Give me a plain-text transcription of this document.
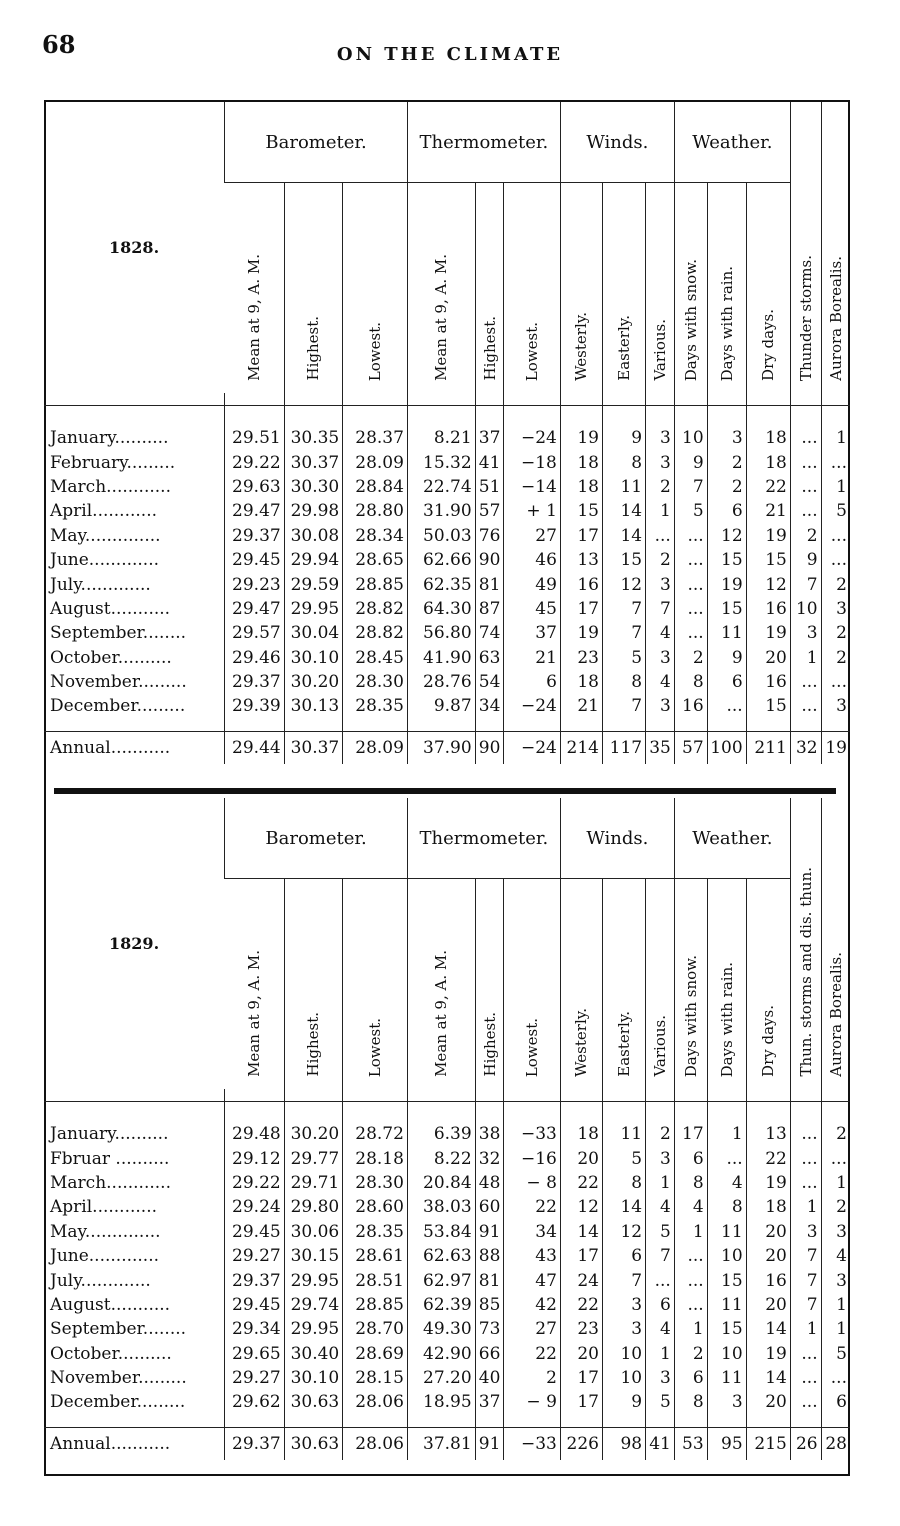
68	ON THE CLIMATE
1828.	Barometer.			Thermometer.			Winds.			Weather.			Thunder storms.	Aurora Borealis.

	Mean at 9, A. M.	Highest.	Lowest.	Mean at 9, A. M.	Highest.	Lowest.	Westerly.	Easterly.	Various.	Days with snow.	Days with rain.	Dry days.		

January..........	29.51	30.35	28.37	8.21	37	−24	19	9	3	10	3	18	...	1
February.........	29.22	30.37	28.09	15.32	41	−18	18	8	3	9	2	18	...	...
March............	29.63	30.30	28.84	22.74	51	−14	18	11	2	7	2	22	...	1
April............	29.47	29.98	28.80	31.90	57	+ 1	15	14	1	5	6	21	...	5
May..............	29.37	30.08	28.34	50.03	76	27	17	14	...	...	12	19	2	...
June.............	29.45	29.94	28.65	62.66	90	46	13	15	2	...	15	15	9	...
July.............	29.23	29.59	28.85	62.35	81	49	16	12	3	...	19	12	7	2
August...........	29.47	29.95	28.82	64.30	87	45	17	7	7	...	15	16	10	3
September........	29.57	30.04	28.82	56.80	74	37	19	7	4	...	11	19	3	2
October..........	29.46	30.10	28.45	41.90	63	21	23	5	3	2	9	20	1	2
November.........	29.37	30.20	28.30	28.76	54	6	18	8	4	8	6	16	...	...
December.........	29.39	30.13	28.35	9.87	34	−24	21	7	3	16	...	15	...	3

Annual...........	29.44	30.37	28.09	37.90	90	−24	214	117	35	57	100	211	32	19
1829.	Barometer.			Thermometer.			Winds.			Weather.			Thun. storms and dis. thun.	Aurora Borealis.

	Mean at 9, A. M.	Highest.	Lowest.	Mean at 9, A. M.	Highest.	Lowest.	Westerly.	Easterly.	Various.	Days with snow.	Days with rain.	Dry days.		

January..........	29.48	30.20	28.72	6.39	38	−33	18	11	2	17	1	13	...	2
Fbruar ..........	29.12	29.77	28.18	8.22	32	−16	20	5	3	6	...	22	...	...
March............	29.22	29.71	28.30	20.84	48	− 8	22	8	1	8	4	19	...	1
April............	29.24	29.80	28.60	38.03	60	22	12	14	4	4	8	18	1	2
May..............	29.45	30.06	28.35	53.84	91	34	14	12	5	1	11	20	3	3
June.............	29.27	30.15	28.61	62.63	88	43	17	6	7	...	10	20	7	4
July.............	29.37	29.95	28.51	62.97	81	47	24	7	...	...	15	16	7	3
August...........	29.45	29.74	28.85	62.39	85	42	22	3	6	...	11	20	7	1
September........	29.34	29.95	28.70	49.30	73	27	23	3	4	1	15	14	1	1
October..........	29.65	30.40	28.69	42.90	66	22	20	10	1	2	10	19	...	5
November.........	29.27	30.10	28.15	27.20	40	2	17	10	3	6	11	14	...	...
December.........	29.62	30.63	28.06	18.95	37	− 9	17	9	5	8	3	20	...	6

Annual...........	29.37	30.63	28.06	37.81	91	−33	226	98	41	53	95	215	26	28
